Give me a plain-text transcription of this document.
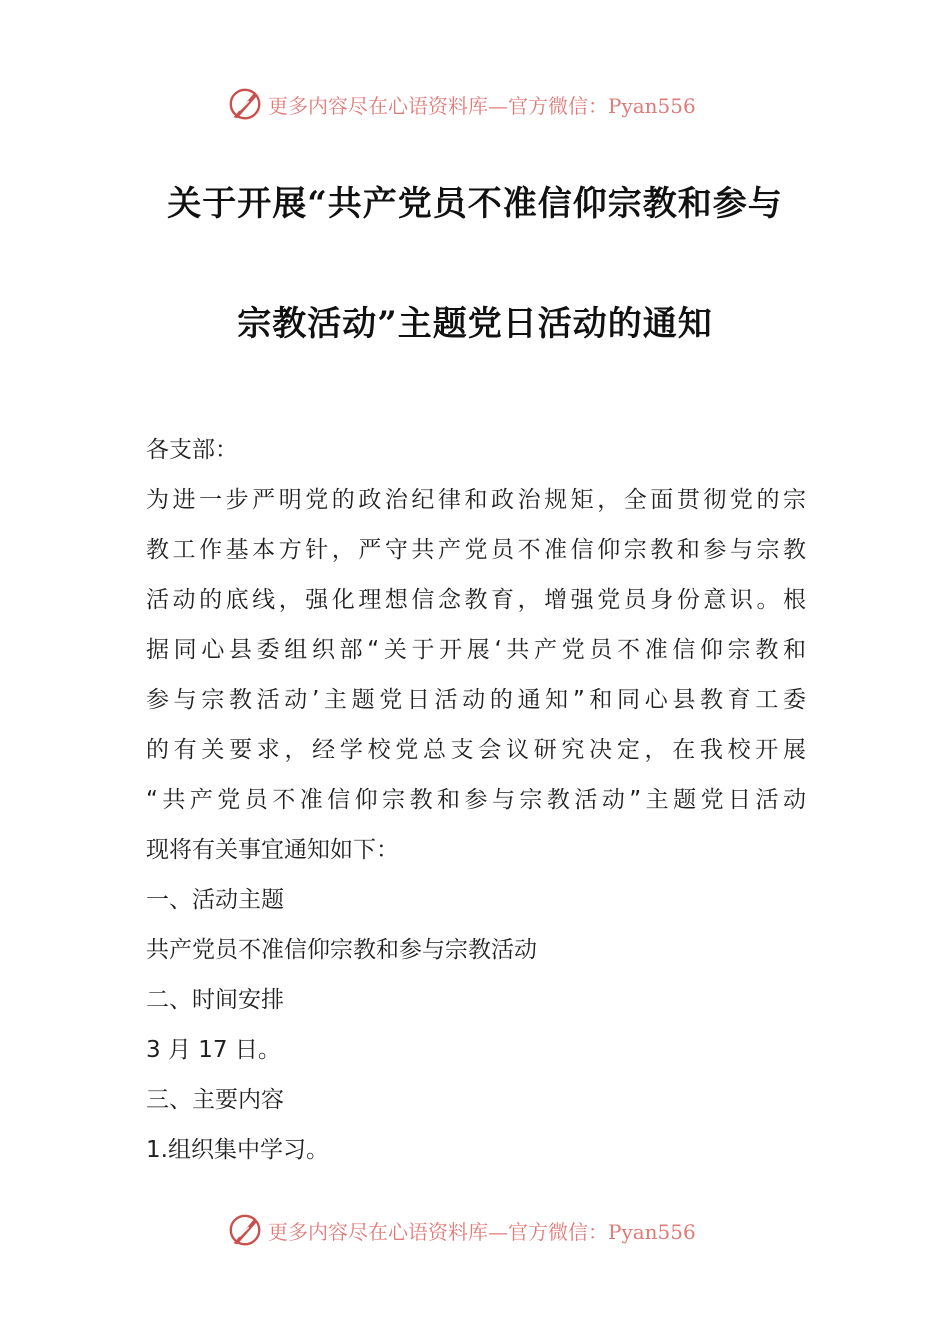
更多内容尽在心语资料库—官方微信：Pyan556
关于开展“共产党员不准信仰宗教和参与
宗教活动”主题党日活动的通知
各支部：
为进一步严明党的政治纪律和政治规矩，全面贯彻党的宗
教工作基本方针，严守共产党员不准信仰宗教和参与宗教
活动的底线，强化理想信念教育，增强党员身份意识。根
据同心县委组织部“关于开展‘共产党员不准信仰宗教和
参与宗教活动’主题党日活动的通知”和同心县教育工委
的有关要求，经学校党总支会议研究决定，在我校开展
“共产党员不准信仰宗教和参与宗教活动”主题党日活动
现将有关事宜通知如下：
一、活动主题
共产党员不准信仰宗教和参与宗教活动
二、时间安排
3 月 17 日。
三、主要内容
1.组织集中学习。
更多内容尽在心语资料库—官方微信：Pyan556
